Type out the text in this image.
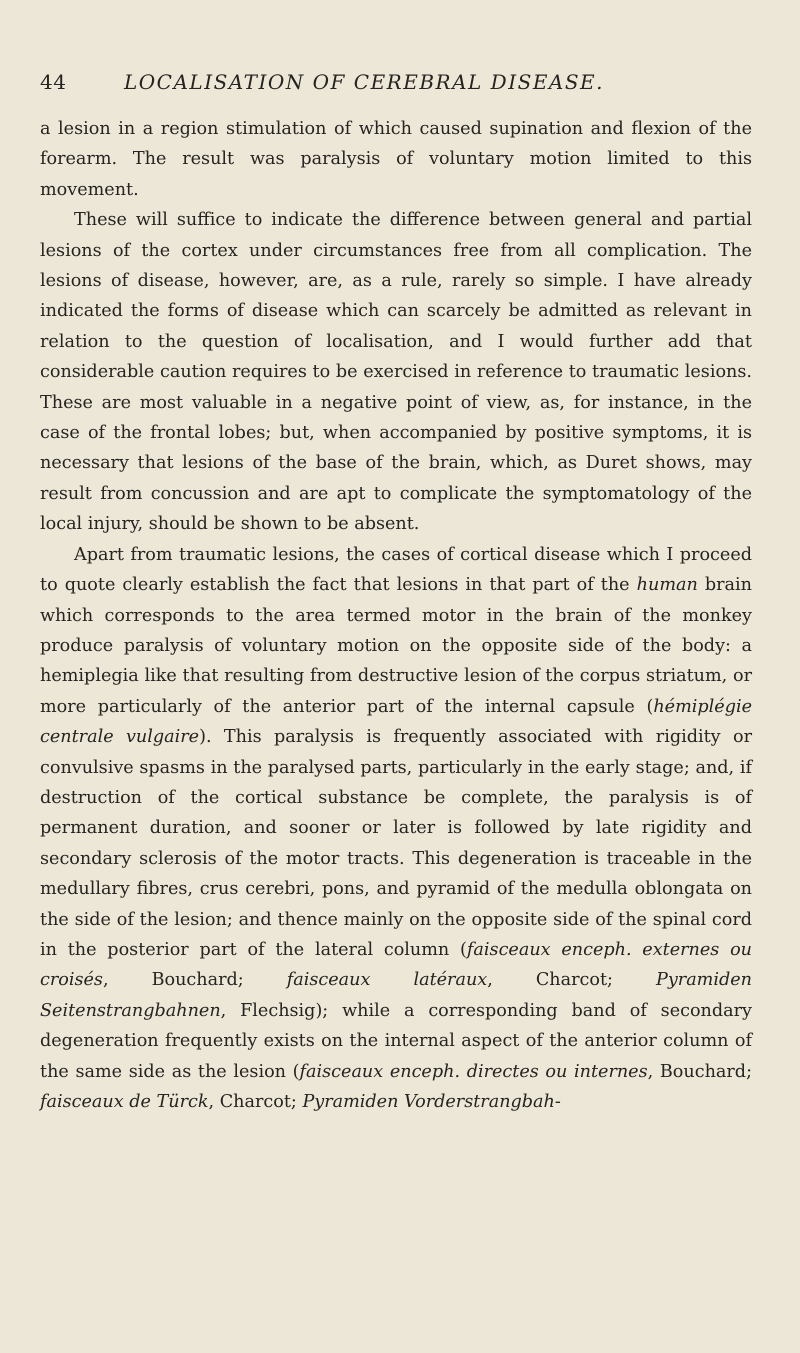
44	LOCALISATION OF CEREBRAL DISEASE.

a lesion in a region stimulation of which caused supination and flexion of the forearm. The result was paralysis of voluntary motion limited to this movement.

These will suffice to indicate the difference between general and partial lesions of the cortex under circumstances free from all complication. The lesions of disease, however, are, as a rule, rarely so simple. I have already indicated the forms of disease which can scarcely be admitted as relevant in relation to the question of localisation, and I would further add that considerable caution requires to be exercised in reference to traumatic lesions. These are most valuable in a negative point of view, as, for instance, in the case of the frontal lobes; but, when accompanied by positive symptoms, it is necessary that lesions of the base of the brain, which, as Duret shows, may result from concussion and are apt to complicate the symptomatology of the local injury, should be shown to be absent.

Apart from traumatic lesions, the cases of cortical disease which I proceed to quote clearly establish the fact that lesions in that part of the human brain which corresponds to the area termed motor in the brain of the monkey produce paralysis of voluntary motion on the opposite side of the body: a hemiplegia like that resulting from destructive lesion of the corpus striatum, or more particularly of the anterior part of the internal capsule (hémiplégie centrale vulgaire). This paralysis is frequently associated with rigidity or convulsive spasms in the paralysed parts, particularly in the early stage; and, if destruction of the cortical substance be complete, the paralysis is of permanent duration, and sooner or later is followed by late rigidity and secondary sclerosis of the motor tracts. This degeneration is traceable in the medullary fibres, crus cerebri, pons, and pyramid of the medulla oblongata on the side of the lesion; and thence mainly on the opposite side of the spinal cord in the posterior part of the lateral column (faisceaux enceph. externes ou croisés, Bouchard; faisceaux latéraux, Charcot; Pyramiden Seitenstrangbahnen, Flechsig); while a corresponding band of secondary degeneration frequently exists on the internal aspect of the anterior column of the same side as the lesion (faisceaux enceph. directes ou internes, Bouchard; faisceaux de Türck, Charcot; Pyramiden Vorderstrangbah-
